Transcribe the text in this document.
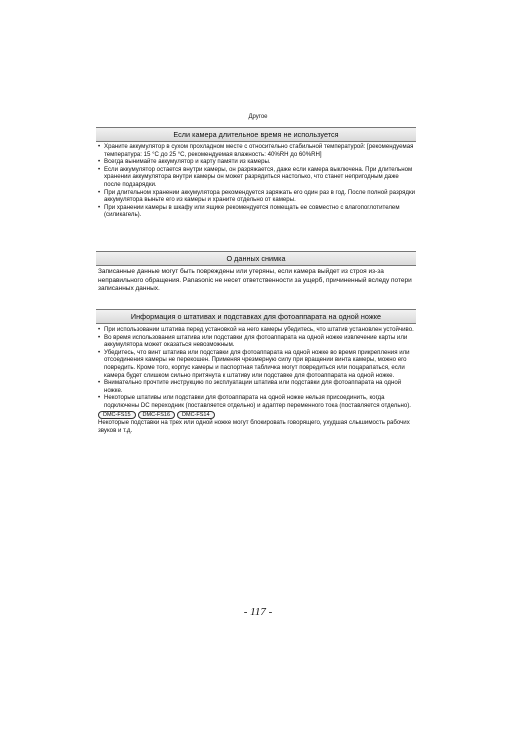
Другое
Если камера длительное время не используется
• Храните аккумулятор в сухом прохладном месте с относительно стабильной температурой: [рекомендуемая температура: 15 °C до 25 °C, рекомендуемая влажность: 40%RH до 60%RH]
• Всегда вынимайте аккумулятор и карту памяти из камеры.
• Если аккумулятор остается внутри камеры, он разряжается, даже если камера выключена. При длительном хранении аккумулятора внутри камеры он может разрядиться настолько, что станет непригодным даже после подзарядки.
• При длительном хранении аккумулятора рекомендуется заряжать его один раз в год. После полной разрядки аккумулятора выньте его из камеры и храните отдельно от камеры.
• При хранении камеры в шкафу или ящике рекомендуется помещать ее совместно с влагопоглотителем (силикагель).
О данных снимка

Записанные данные могут быть повреждены или утеряны, если камера выйдет из строя из-за неправильного обращения. Panasonic не несет ответственности за ущерб, причиненный вследу потери записанных данных.

Информация о штативах и подставках для фотоаппарата на одной ножке
• При использовании штатива перед установкой на него камеры убедитесь, что штатив установлен устойчиво.
• Во время использования штатива или подставки для фотоаппарата на одной ножке извлечение карты или аккумулятора может оказаться невозможным.
• Убедитесь, что винт штатива или подставки для фотоаппарата на одной ножке во время прикрепления или отсоединения камеры не перекошен. Применяя чрезмерную силу при вращении винта камеры, можно его повредить. Кроме того, корпус камеры и паспортная табличка могут повредиться или поцарапаться, если камера будет слишком сильно притянута к штативу или подставке для фотоаппарата на одной ножке.
• Внимательно прочтите инструкцию по эксплуатации штатива или подставки для фотоаппарата на одной ножке.
• Некоторые штативы или подставки для фотоаппарата на одной ножке нельзя присоединить, когда подключены DC переходник (поставляется отдельно) и адаптер переменного тока (поставляется отдельно).
DMC-FS15	DMC-FS16	DMC-FS14

Некоторые подставки на трех или одной ножке могут блокировать говорящего, ухудшая слышимость рабочих звуков и т.д.

- 117 -
